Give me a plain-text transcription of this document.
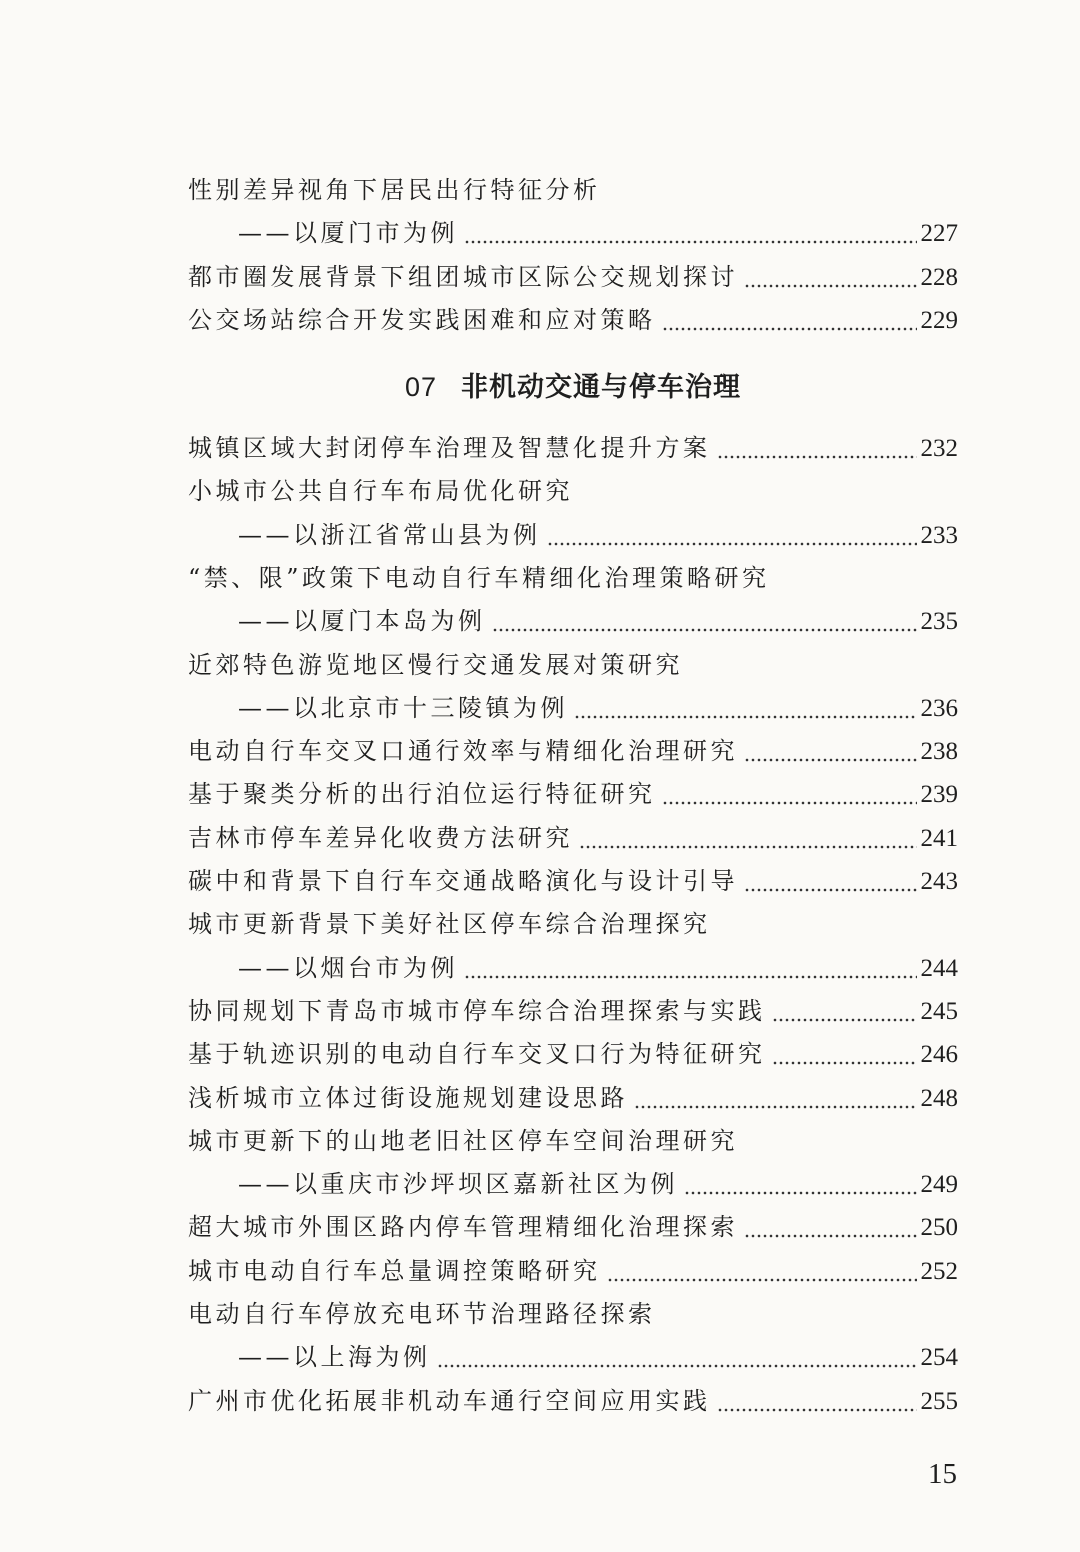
07 非机动交通与停车治理
性别差异视角下居民出行特征分析
——以厦门市为例	227
都市圈发展背景下组团城市区际公交规划探讨	228
公交场站综合开发实践困难和应对策略	229
城镇区域大封闭停车治理及智慧化提升方案	232
小城市公共自行车布局优化研究
——以浙江省常山县为例	233
“禁、限”政策下电动自行车精细化治理策略研究
——以厦门本岛为例	235
近郊特色游览地区慢行交通发展对策研究
——以北京市十三陵镇为例	236
电动自行车交叉口通行效率与精细化治理研究	238
基于聚类分析的出行泊位运行特征研究	239
吉林市停车差异化收费方法研究	241
碳中和背景下自行车交通战略演化与设计引导	243
城市更新背景下美好社区停车综合治理探究
——以烟台市为例	244
协同规划下青岛市城市停车综合治理探索与实践	245
基于轨迹识别的电动自行车交叉口行为特征研究	246
浅析城市立体过街设施规划建设思路	248
城市更新下的山地老旧社区停车空间治理研究
——以重庆市沙坪坝区嘉新社区为例	249
超大城市外围区路内停车管理精细化治理探索	250
城市电动自行车总量调控策略研究	252
电动自行车停放充电环节治理路径探索
——以上海为例	254
广州市优化拓展非机动车通行空间应用实践	255
15
